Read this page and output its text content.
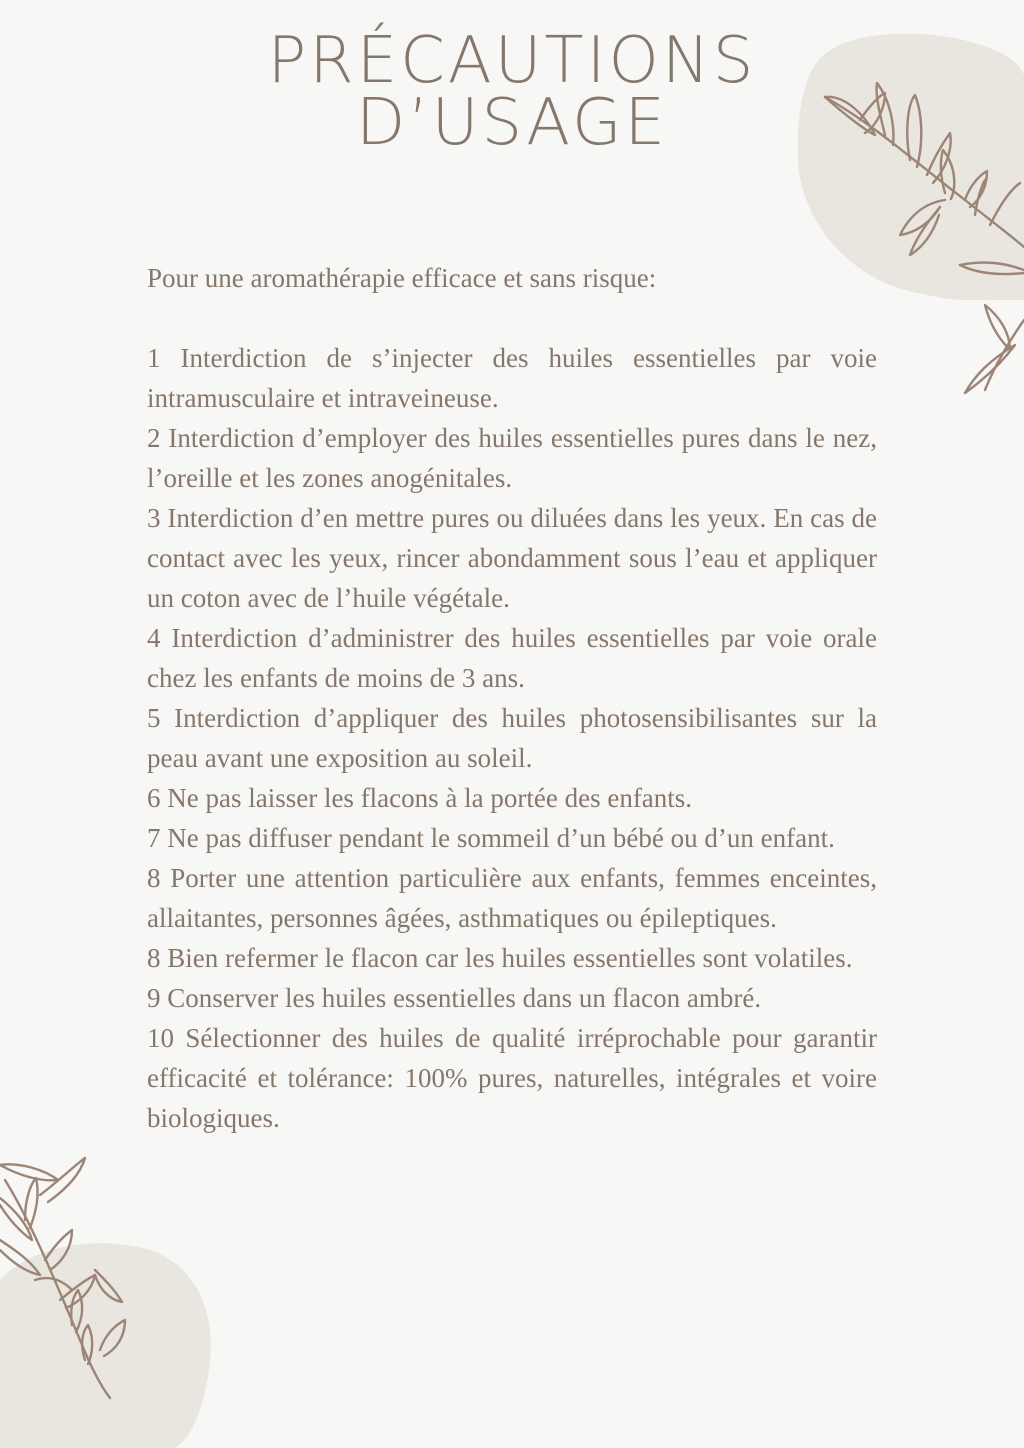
PRÉCAUTIONS
D’USAGE

Pour une aromathérapie efficace et sans risque:

1 Interdiction de s’injecter des huiles essentielles par voie intramusculaire et intraveineuse.
2 Interdiction d’employer des huiles essentielles pures dans le nez, l’oreille et les zones anogénitales.
3 Interdiction d’en mettre pures ou diluées dans les yeux. En cas de contact avec les yeux, rincer abondamment sous l’eau et appliquer un coton avec de l’huile végétale.
4 Interdiction d’administrer des huiles essentielles par voie orale chez les enfants de moins de 3 ans.
5 Interdiction d’appliquer des huiles photosensibilisantes sur la peau avant une exposition au soleil.
6 Ne pas laisser les flacons à la portée des enfants.
7 Ne pas diffuser pendant le sommeil d’un bébé ou d’un enfant.
8 Porter une attention particulière aux enfants, femmes enceintes, allaitantes, personnes âgées, asthmatiques ou épileptiques.
8 Bien refermer le flacon car les huiles essentielles sont volatiles.
9 Conserver les huiles essentielles dans un flacon ambré.
10 Sélectionner des huiles de qualité irréprochable pour garantir efficacité et tolérance: 100% pures, naturelles, intégrales et voire biologiques.
